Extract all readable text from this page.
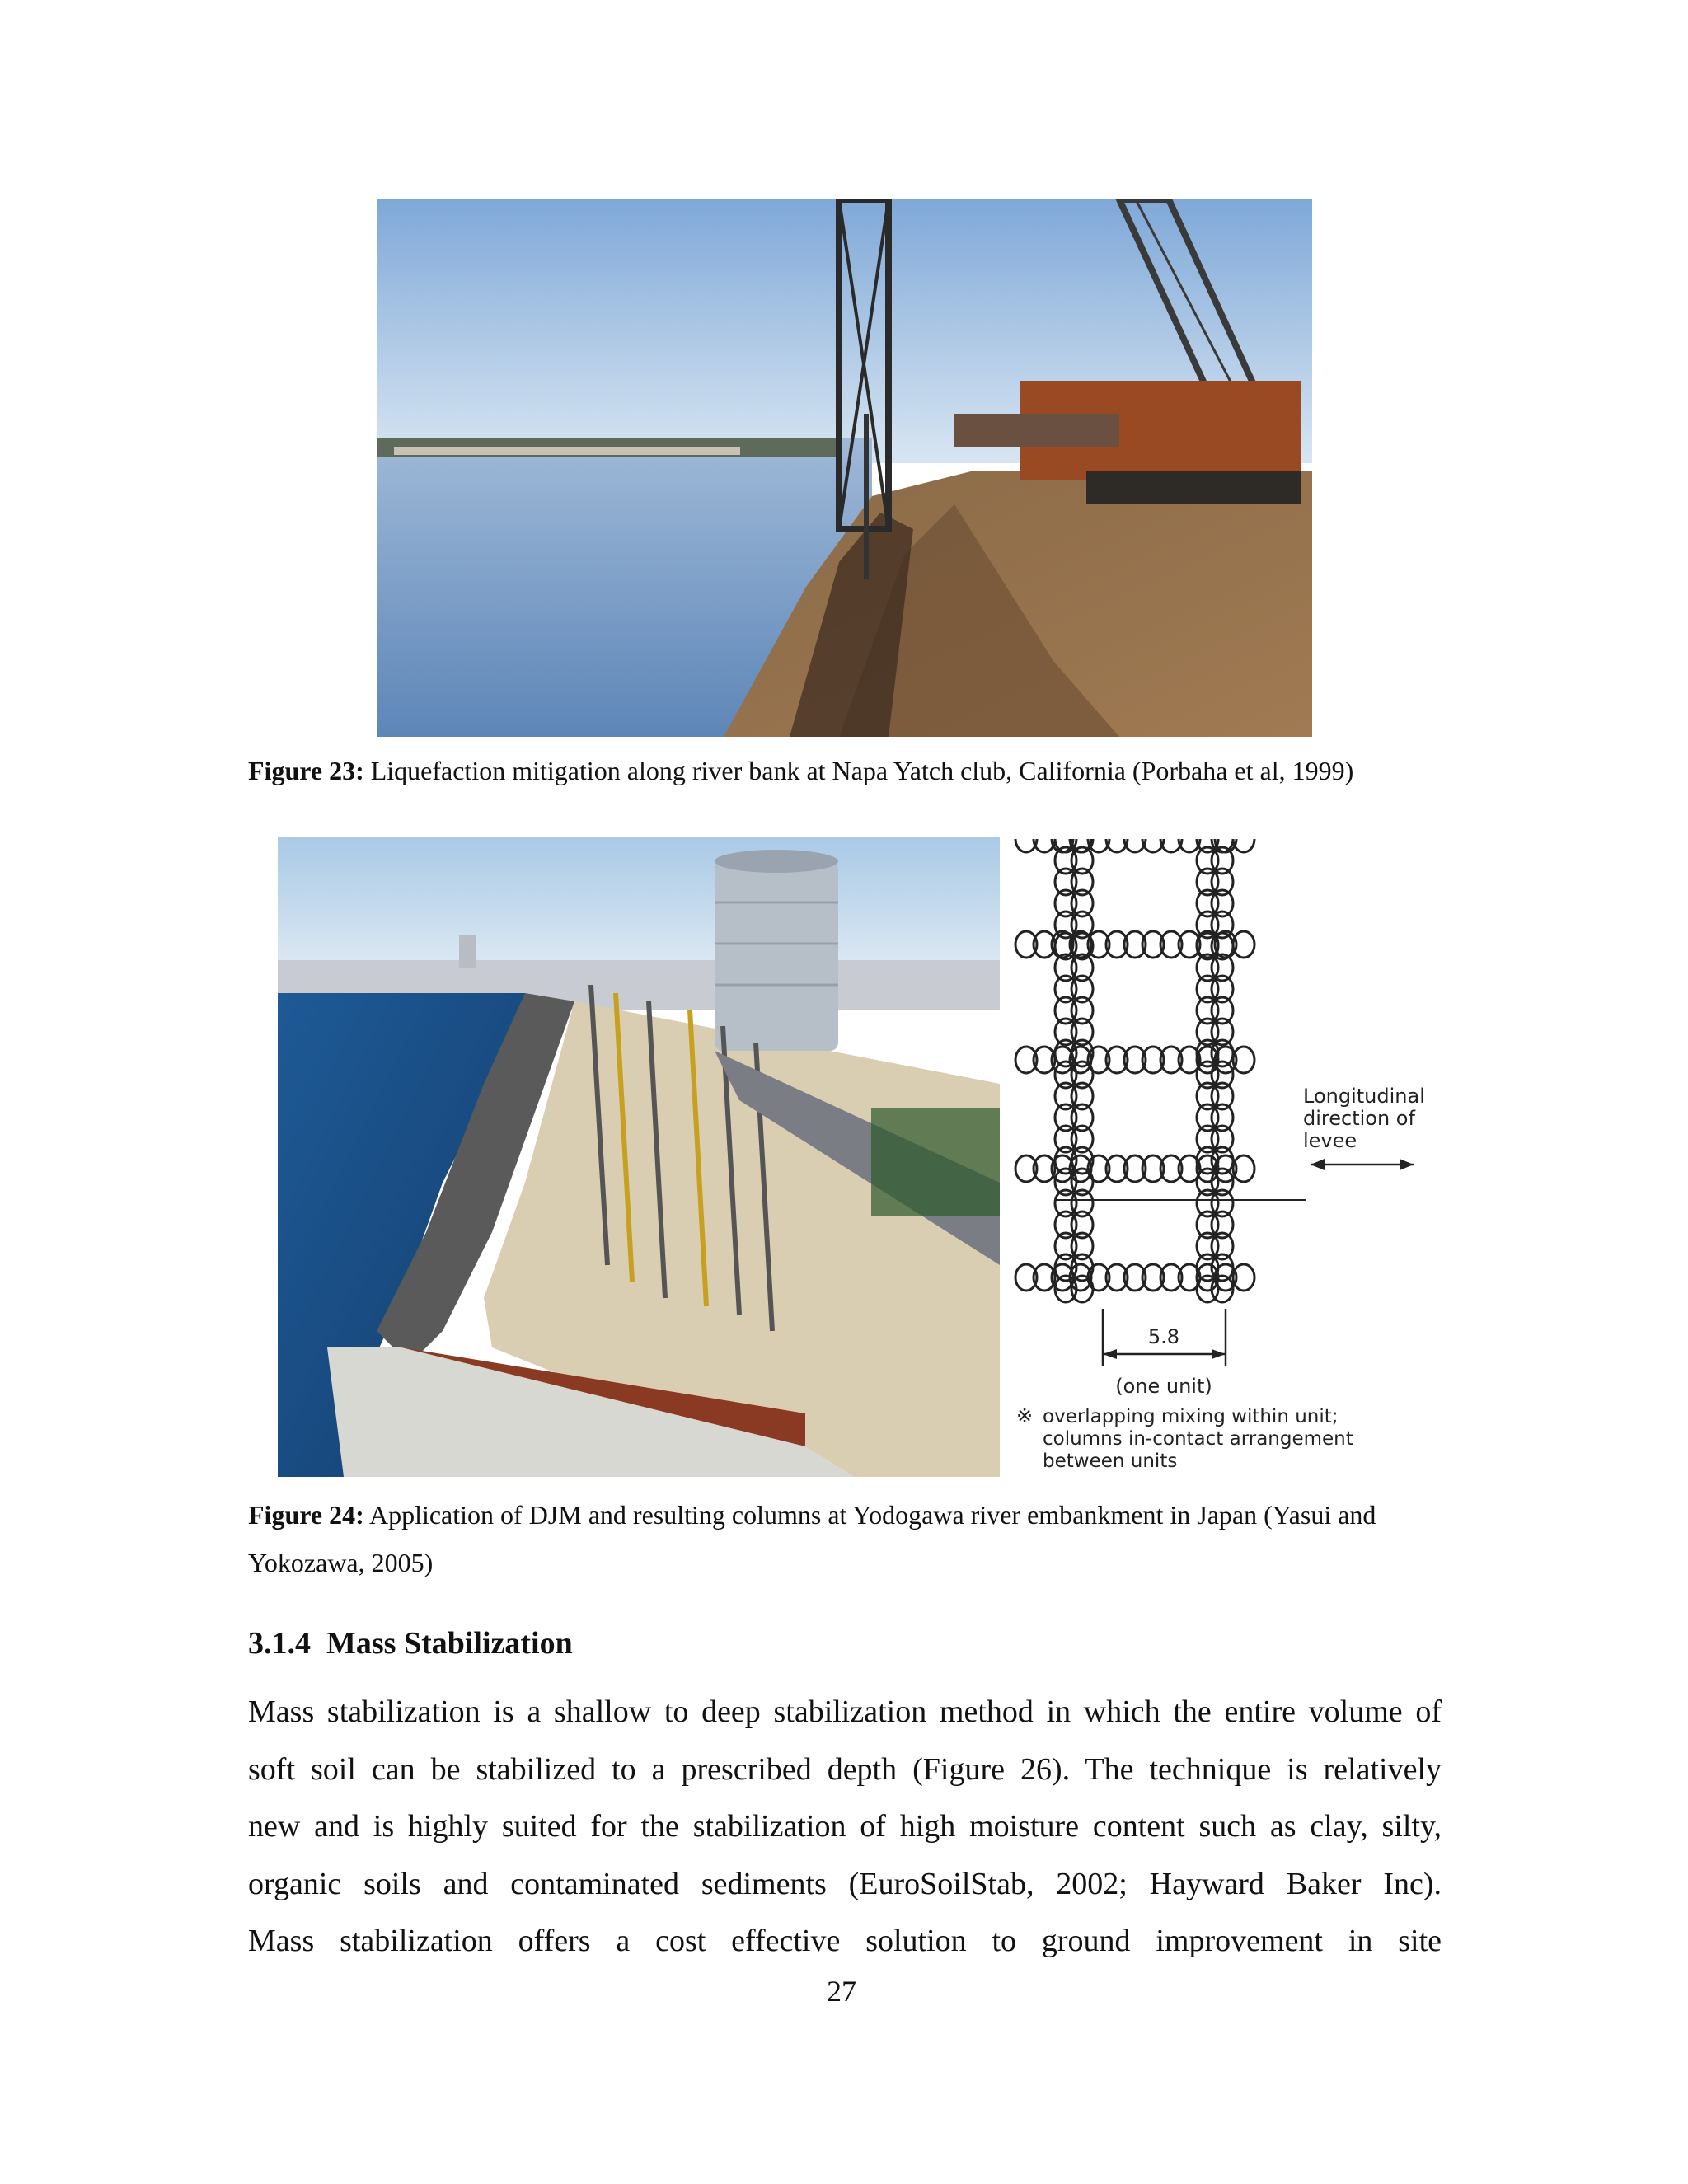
Figure 23: Liquefaction mitigation along river bank at Napa Yatch club, California (Porbaha et al, 1999)
Longitudinal
direction of
levee
5.8
(one unit)
※ overlapping mixing within unit;
columns in-contact arrangement
between units
Figure 24: Application of DJM and resulting columns at Yodogawa river embankment in Japan (Yasui and
Yokozawa, 2005)
3.1.4 Mass Stabilization
Mass stabilization is a shallow to deep stabilization method in which the entire volume of
soft soil can be stabilized to a prescribed depth (Figure 26). The technique is relatively
new and is highly suited for the stabilization of high moisture content such as clay, silty,
organic soils and contaminated sediments (EuroSoilStab, 2002; Hayward Baker Inc).
Mass stabilization offers a cost effective solution to ground improvement in site
27
